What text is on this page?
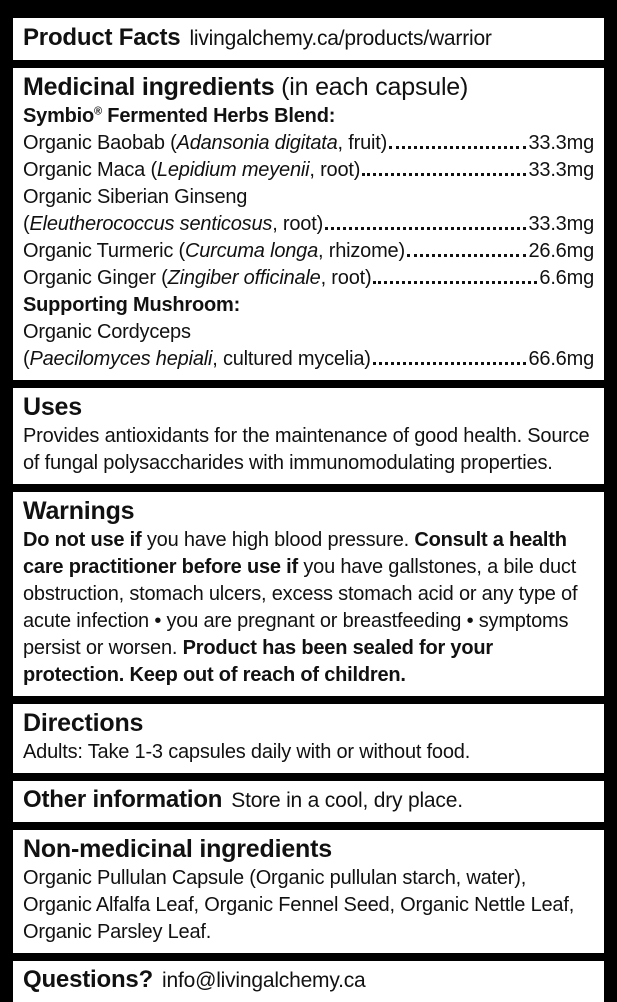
Product Facts livingalchemy.ca/products/warrior
Medicinal ingredients (in each capsule)
Symbio® Fermented Herbs Blend:
Organic Baobab (Adansonia digitata, fruit)	33.3mg
Organic Maca (Lepidium meyenii, root)	33.3mg
Organic Siberian Ginseng
(Eleutherococcus senticosus, root)	33.3mg
Organic Turmeric (Curcuma longa, rhizome)	26.6mg
Organic Ginger (Zingiber officinale, root)	6.6mg
Supporting Mushroom:
Organic Cordyceps
(Paecilomyces hepiali, cultured mycelia)	66.6mg
Uses

Provides antioxidants for the maintenance of good health. Source of fungal polysaccharides with immunomodulating properties.

Warnings

Do not use if you have high blood pressure. Consult a health care practitioner before use if you have gallstones, a bile duct obstruction, stomach ulcers, excess stomach acid or any type of acute infection • you are pregnant or breastfeeding • symptoms persist or worsen. Product has been sealed for your protection. Keep out of reach of children.

Directions

Adults: Take 1-3 capsules daily with or without food.

Other information Store in a cool, dry place.
Non-medicinal ingredients

Organic Pullulan Capsule (Organic pullulan starch, water), Organic Alfalfa Leaf, Organic Fennel Seed, Organic Nettle Leaf, Organic Parsley Leaf.

Questions? info@livingalchemy.ca
